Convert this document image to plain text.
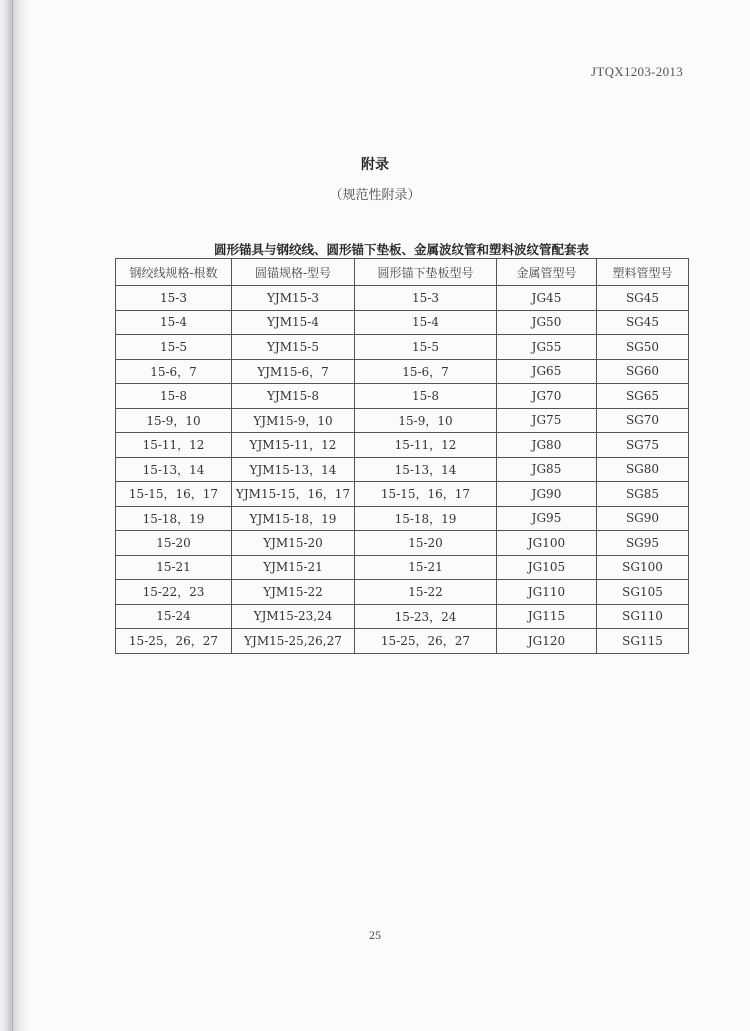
JTQX1203-2013
附录
（规范性附录）
圆形锚具与钢绞线、圆形锚下垫板、金属波纹管和塑料波纹管配套表
钢绞线规格-根数	圆锚规格-型号	圆形锚下垫板型号	金属管型号	塑料管型号
15-3	YJM15-3	15-3	JG45	SG45
15-4	YJM15-4	15-4	JG50	SG45
15-5	YJM15-5	15-5	JG55	SG50
15-6，7	YJM15-6，7	15-6，7	JG65	SG60
15-8	YJM15-8	15-8	JG70	SG65
15-9，10	YJM15-9，10	15-9，10	JG75	SG70
15-11，12	YJM15-11，12	15-11，12	JG80	SG75
15-13，14	YJM15-13，14	15-13，14	JG85	SG80
15-15，16，17	YJM15-15，16，17	15-15，16，17	JG90	SG85
15-18，19	YJM15-18，19	15-18，19	JG95	SG90
15-20	YJM15-20	15-20	JG100	SG95
15-21	YJM15-21	15-21	JG105	SG100
15-22，23	YJM15-22	15-22	JG110	SG105
15-24	YJM15-23,24	15-23，24	JG115	SG110
15-25，26，27	YJM15-25,26,27	15-25，26，27	JG120	SG115
25
